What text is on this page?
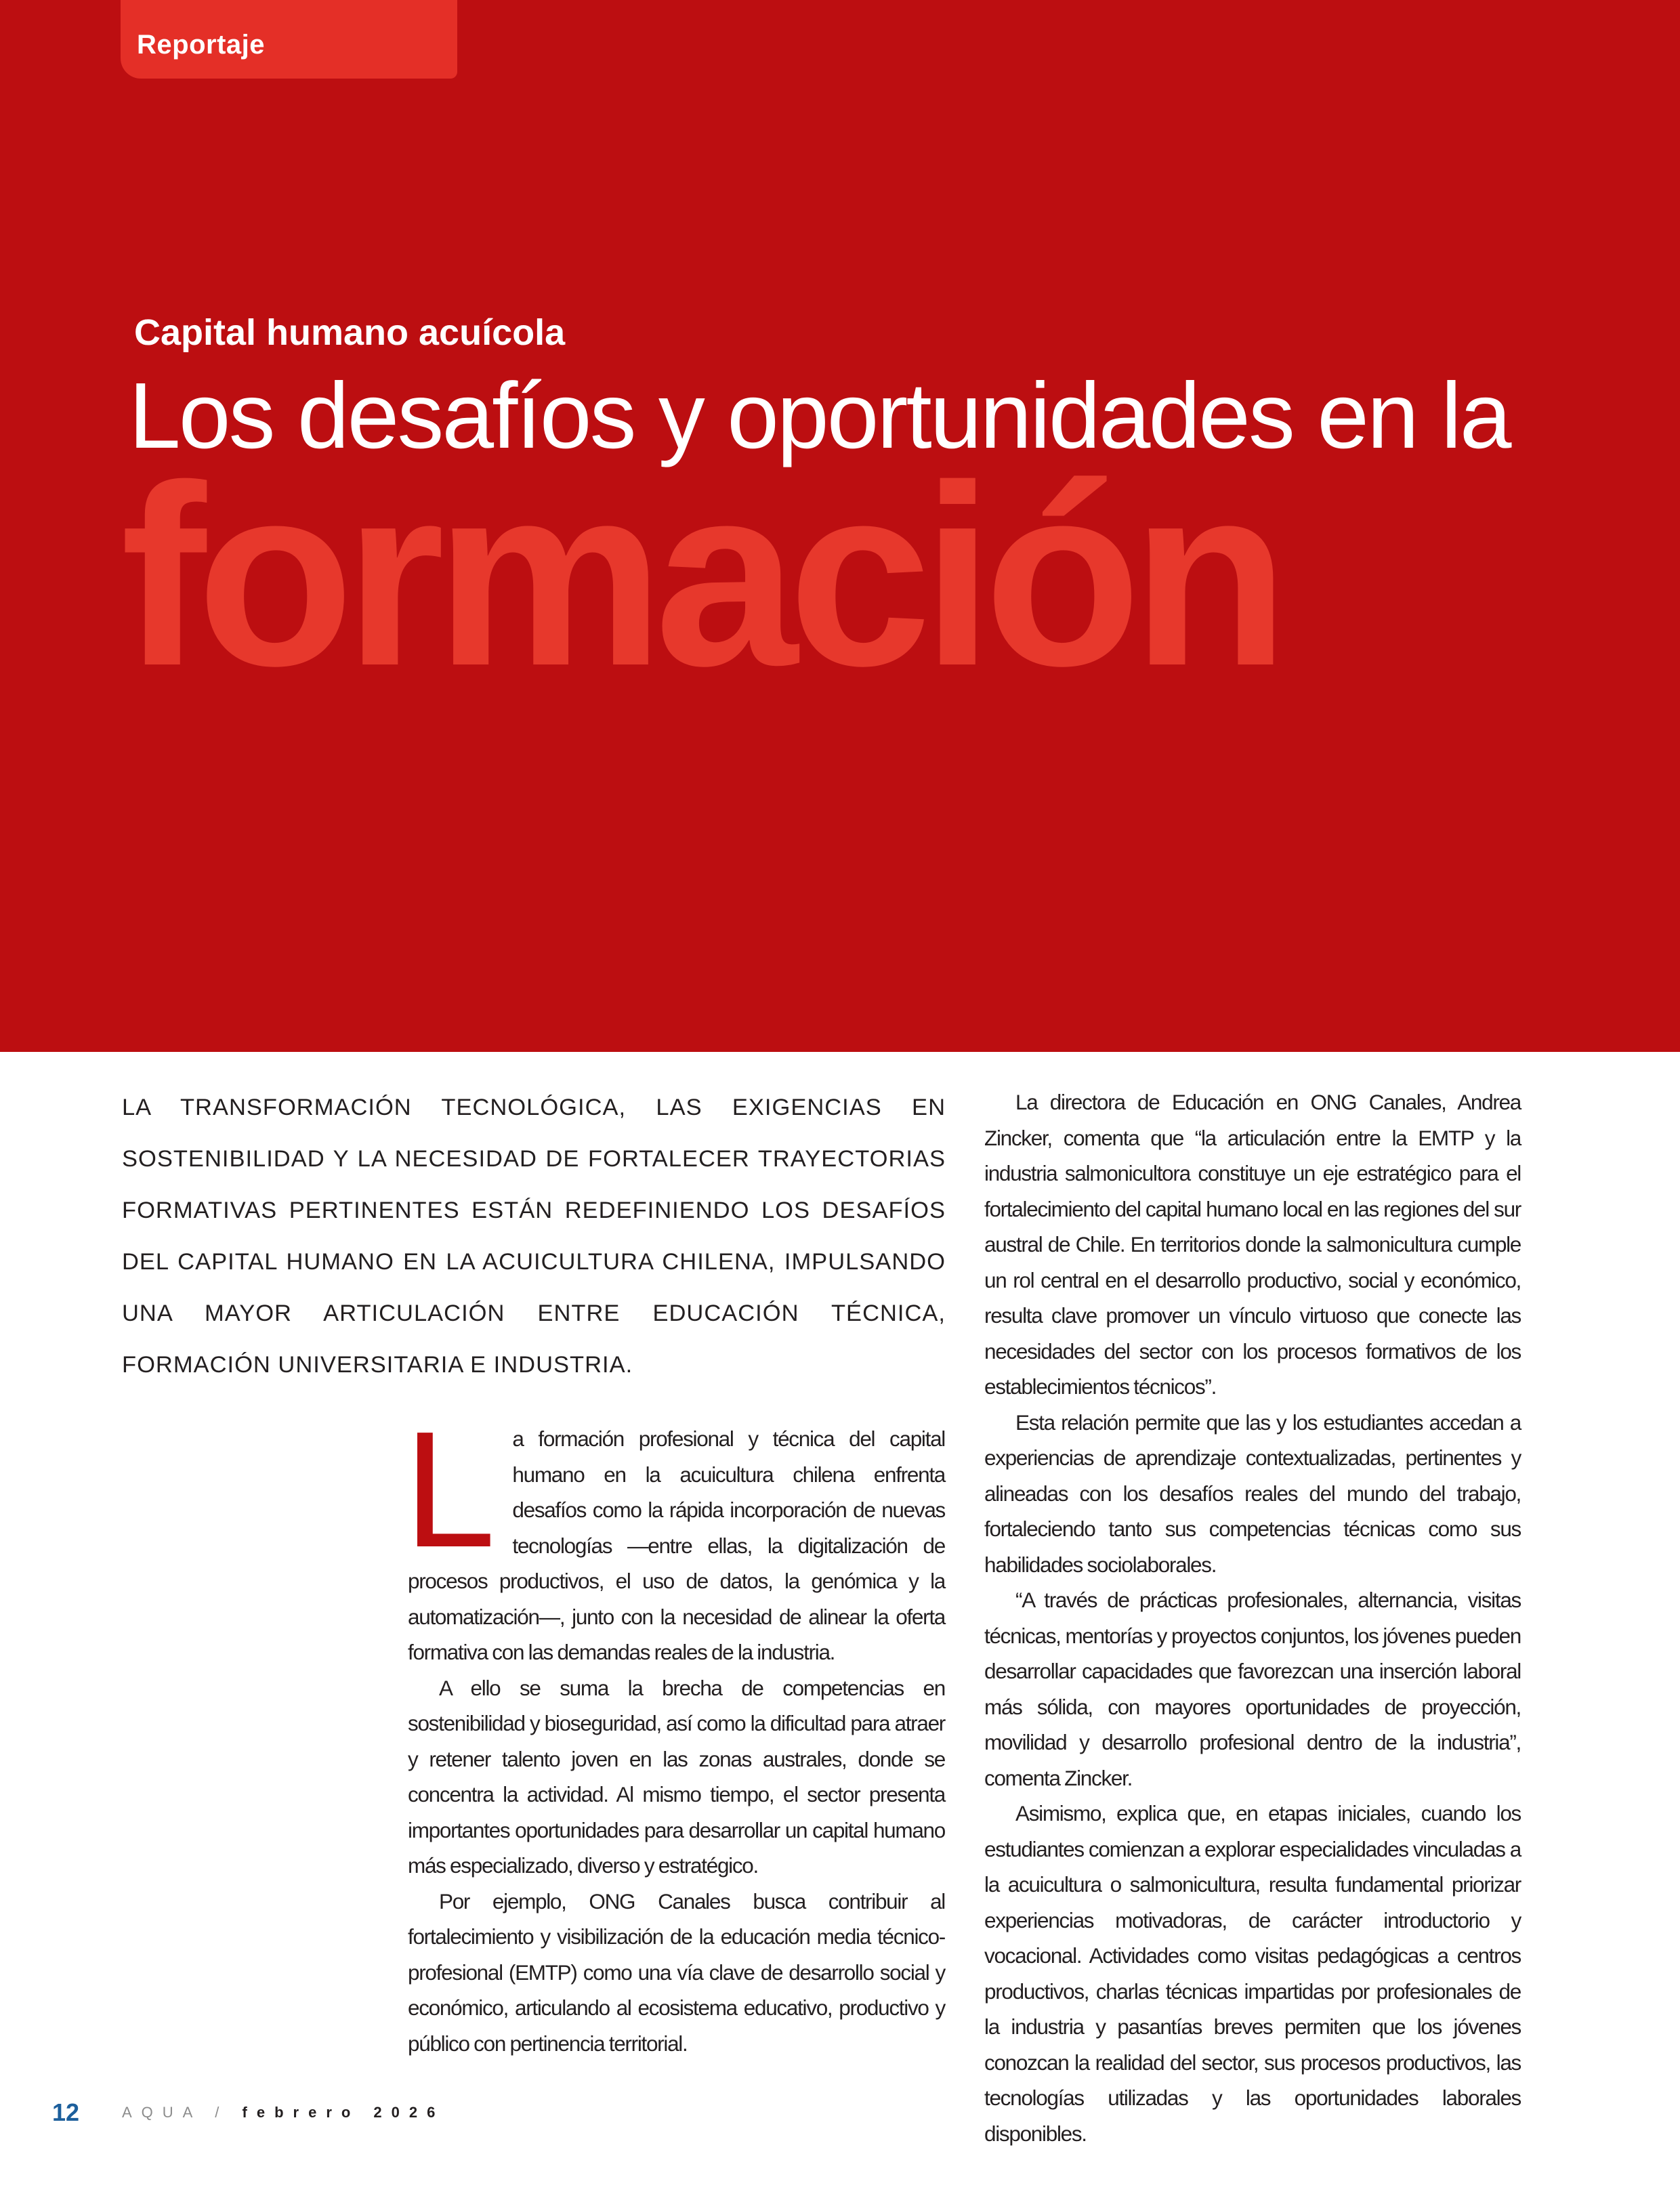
Reportaje
Capital humano acuícola
Los desafíos y oportunidades en la
formación
LA TRANSFORMACIÓN TECNOLÓGICA, LAS EXIGENCIAS EN SOSTENIBILIDAD Y LA NECESIDAD DE FORTALECER TRAYECTORIAS FORMATIVAS PERTINENTES ESTÁN REDEFINIENDO LOS DESAFÍOS DEL CAPITAL HUMANO EN LA ACUICULTURA CHILENA, IMPULSANDO UNA MAYOR ARTICULACIÓN ENTRE EDUCACIÓN TÉCNICA, FORMACIÓN UNIVERSITARIA E INDUSTRIA.
L a formación profesional y técnica del capital humano en la acuicultura chilena enfrenta desafíos como la rápida incorporación de nuevas tecnologías —entre ellas, la digitalización de procesos productivos, el uso de datos, la genómica y la automatización—, junto con la necesidad de alinear la oferta formativa con las demandas reales de la industria.

A ello se suma la brecha de competencias en sostenibilidad y bioseguridad, así como la dificultad para atraer y retener talento joven en las zonas australes, donde se concentra la actividad. Al mismo tiempo, el sector presenta importantes oportunidades para desarrollar un capital humano más especializado, diverso y estratégico.

Por ejemplo, ONG Canales busca contribuir al fortalecimiento y visibilización de la educación media técnico-profesional (EMTP) como una vía clave de desarrollo social y económico, articulando al ecosistema educativo, productivo y público con pertinencia territorial.

La directora de Educación en ONG Canales, Andrea Zincker, comenta que “la articulación entre la EMTP y la industria salmonicultora constituye un eje estratégico para el fortalecimiento del capital humano local en las regiones del sur austral de Chile. En territorios donde la salmonicultura cumple un rol central en el desarrollo productivo, social y económico, resulta clave promover un vínculo virtuoso que conecte las necesidades del sector con los procesos formativos de los establecimientos técnicos”.

Esta relación permite que las y los estudiantes accedan a experiencias de aprendizaje contextualizadas, pertinentes y alineadas con los desafíos reales del mundo del trabajo, fortaleciendo tanto sus competencias técnicas como sus habilidades sociolaborales.

“A través de prácticas profesionales, alternancia, visitas técnicas, mentorías y proyectos conjuntos, los jóvenes pueden desarrollar capacidades que favorezcan una inserción laboral más sólida, con mayores oportunidades de proyección, movilidad y desarrollo profesional dentro de la industria”, comenta Zincker.

Asimismo, explica que, en etapas iniciales, cuando los estudiantes comienzan a explorar especialidades vinculadas a la acuicultura o salmonicultura, resulta fundamental priorizar experiencias motivadoras, de carácter introductorio y vocacional. Actividades como visitas pedagógicas a centros productivos, charlas técnicas impartidas por profesionales de la industria y pasantías breves permiten que los jóvenes conozcan la realidad del sector, sus procesos productivos, las tecnologías utilizadas y las oportunidades laborales disponibles.

12	AQUA / febrero 2026
